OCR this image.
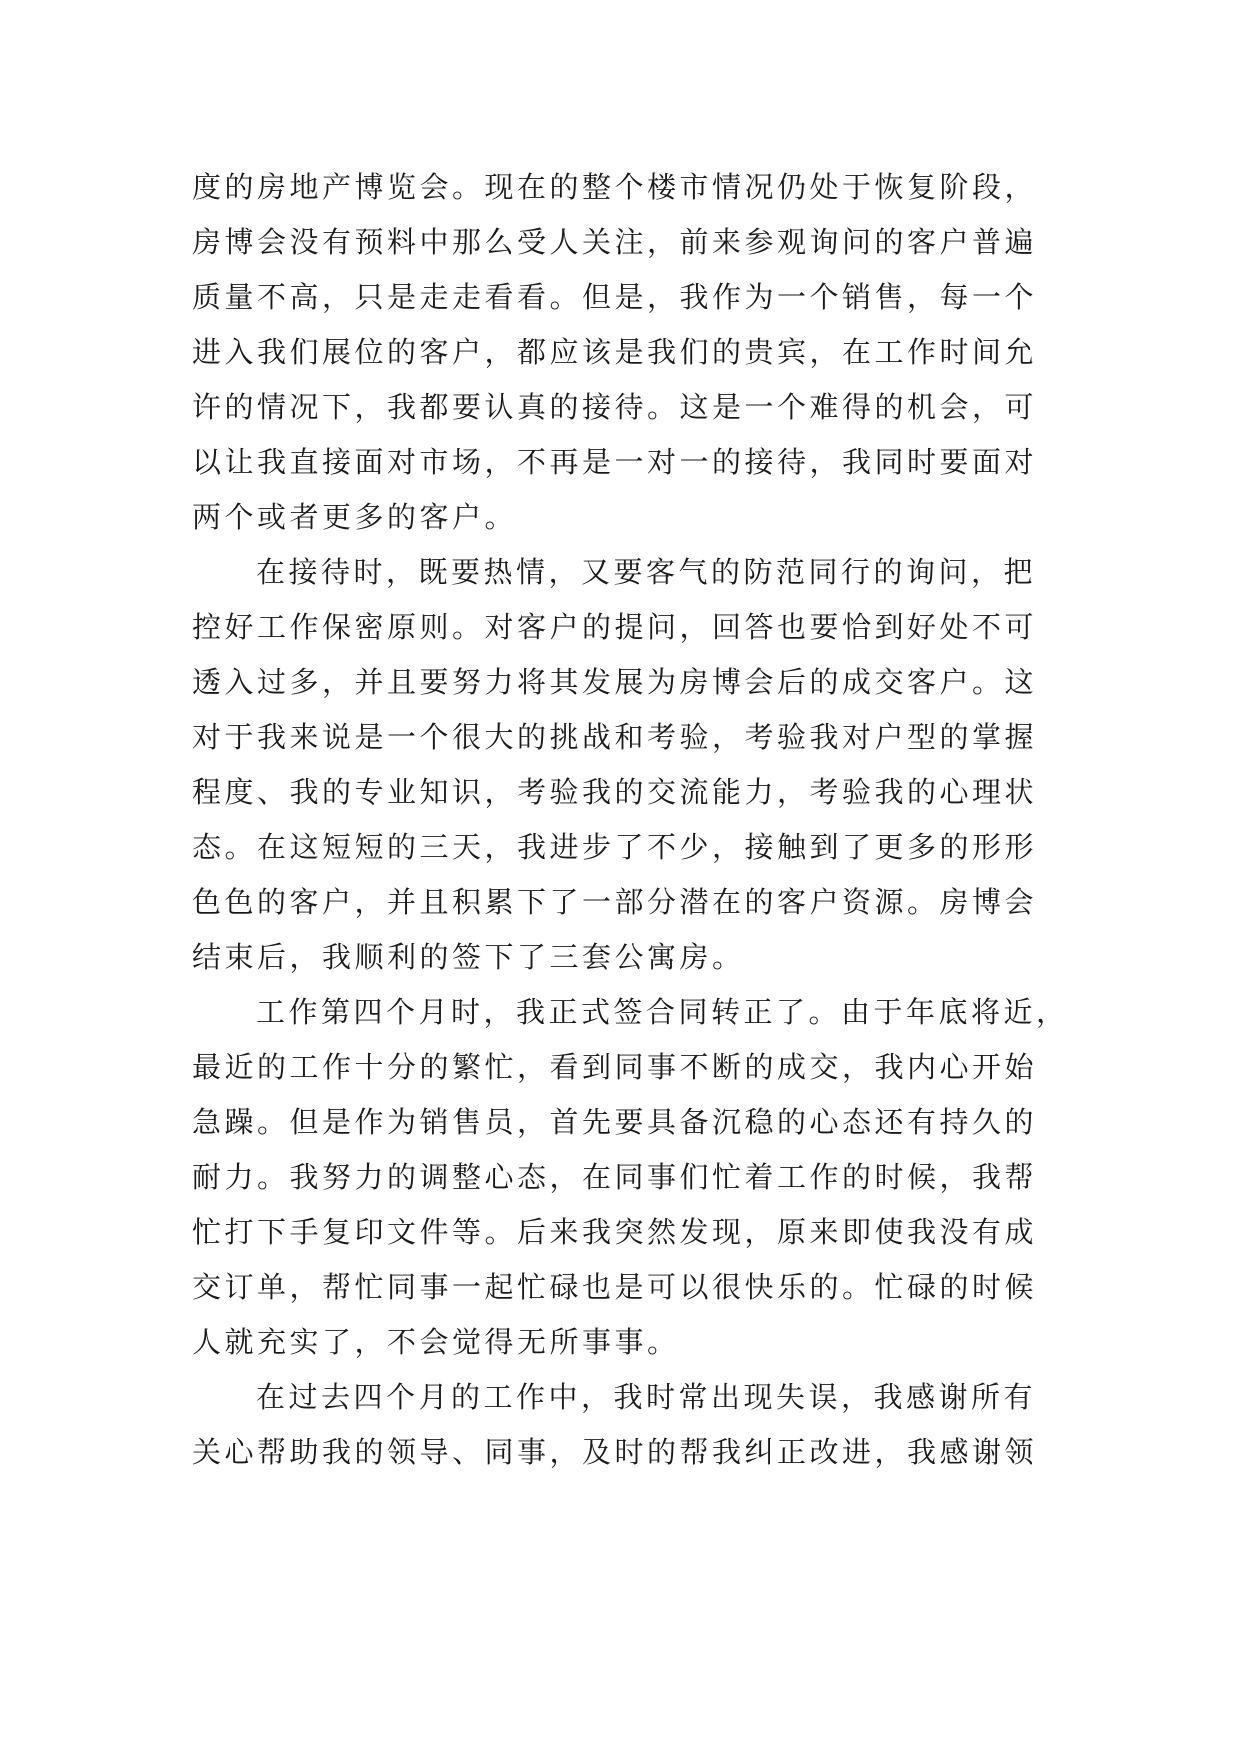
度的房地产博览会。现在的整个楼市情况仍处于恢复阶段，
房博会没有预料中那么受人关注，前来参观询问的客户普遍
质量不高，只是走走看看。但是，我作为一个销售，每一个
进入我们展位的客户，都应该是我们的贵宾，在工作时间允
许的情况下，我都要认真的接待。这是一个难得的机会，可
以让我直接面对市场，不再是一对一的接待，我同时要面对
两个或者更多的客户。

在接待时，既要热情，又要客气的防范同行的询问，把
控好工作保密原则。对客户的提问，回答也要恰到好处不可
透入过多，并且要努力将其发展为房博会后的成交客户。这
对于我来说是一个很大的挑战和考验，考验我对户型的掌握
程度、我的专业知识，考验我的交流能力，考验我的心理状
态。在这短短的三天，我进步了不少，接触到了更多的形形
色色的客户，并且积累下了一部分潜在的客户资源。房博会
结束后，我顺利的签下了三套公寓房。

工作第四个月时，我正式签合同转正了。由于年底将近，
最近的工作十分的繁忙，看到同事不断的成交，我内心开始
急躁。但是作为销售员，首先要具备沉稳的心态还有持久的
耐力。我努力的调整心态，在同事们忙着工作的时候，我帮
忙打下手复印文件等。后来我突然发现，原来即使我没有成
交订单，帮忙同事一起忙碌也是可以很快乐的。忙碌的时候
人就充实了，不会觉得无所事事。

在过去四个月的工作中，我时常出现失误，我感谢所有
关心帮助我的领导、同事，及时的帮我纠正改进，我感谢领
